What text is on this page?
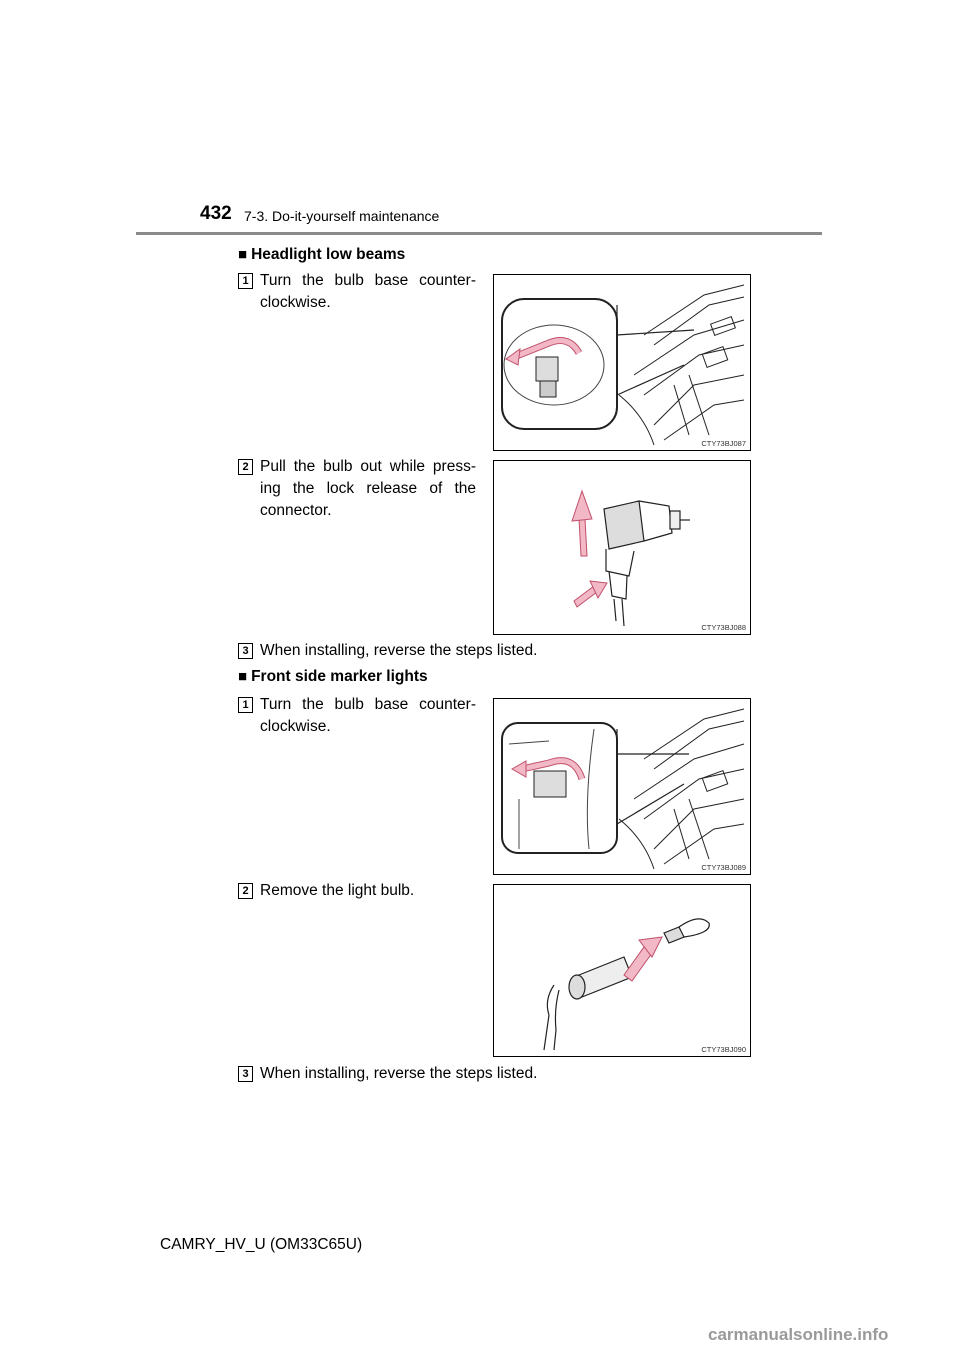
432 7-3. Do-it-yourself maintenance
■ Headlight low beams
1 Turn the bulb base counter-clockwise.
CTY73BJ087
2 Pull the bulb out while press-ing the lock release of the connector.
CTY73BJ088
3 When installing, reverse the steps listed.
■ Front side marker lights
1 Turn the bulb base counter-clockwise.
CTY73BJ089
2 Remove the light bulb.
CTY73BJ090
3 When installing, reverse the steps listed.
CAMRY_HV_U (OM33C65U)
carmanualsonline.info
